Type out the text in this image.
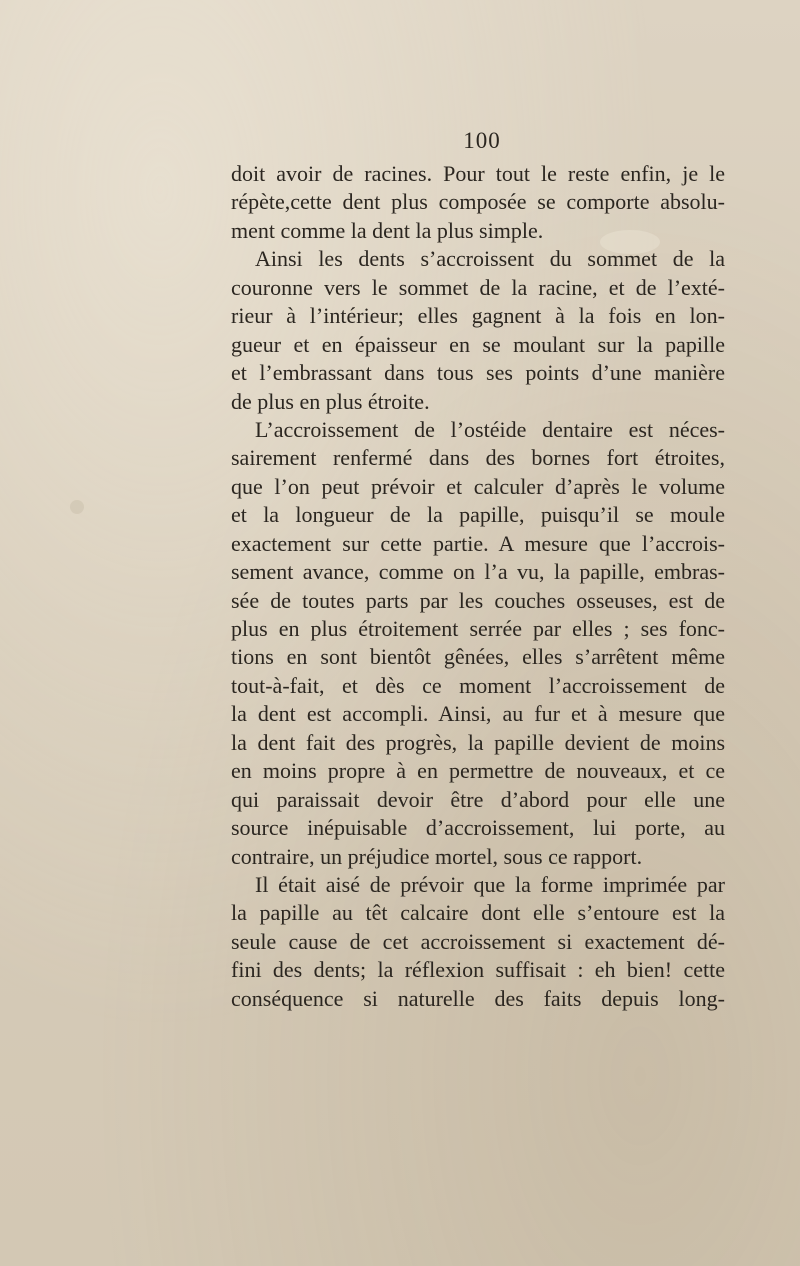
100
doit avoir de racines. Pour tout le reste enfin, je le
répète,cette dent plus composée se comporte absolu-
ment comme la dent la plus simple.
Ainsi les dents s’accroissent du sommet de la
couronne vers le sommet de la racine, et de l’exté-
rieur à l’intérieur; elles gagnent à la fois en lon-
gueur et en épaisseur en se moulant sur la papille
et l’embrassant dans tous ses points d’une manière
de plus en plus étroite.
L’accroissement de l’ostéide dentaire est néces-
sairement renfermé dans des bornes fort étroites,
que l’on peut prévoir et calculer d’après le volume
et la longueur de la papille, puisqu’il se moule
exactement sur cette partie. A mesure que l’accrois-
sement avance, comme on l’a vu, la papille, embras-
sée de toutes parts par les couches osseuses, est de
plus en plus étroitement serrée par elles ; ses fonc-
tions en sont bientôt gênées, elles s’arrêtent même
tout-à-fait, et dès ce moment l’accroissement de
la dent est accompli. Ainsi, au fur et à mesure que
la dent fait des progrès, la papille devient de moins
en moins propre à en permettre de nouveaux, et ce
qui paraissait devoir être d’abord pour elle une
source inépuisable d’accroissement, lui porte, au
contraire, un préjudice mortel, sous ce rapport.
Il était aisé de prévoir que la forme imprimée par
la papille au têt calcaire dont elle s’entoure est la
seule cause de cet accroissement si exactement dé-
fini des dents; la réflexion suffisait : eh bien! cette
conséquence si naturelle des faits depuis long-
